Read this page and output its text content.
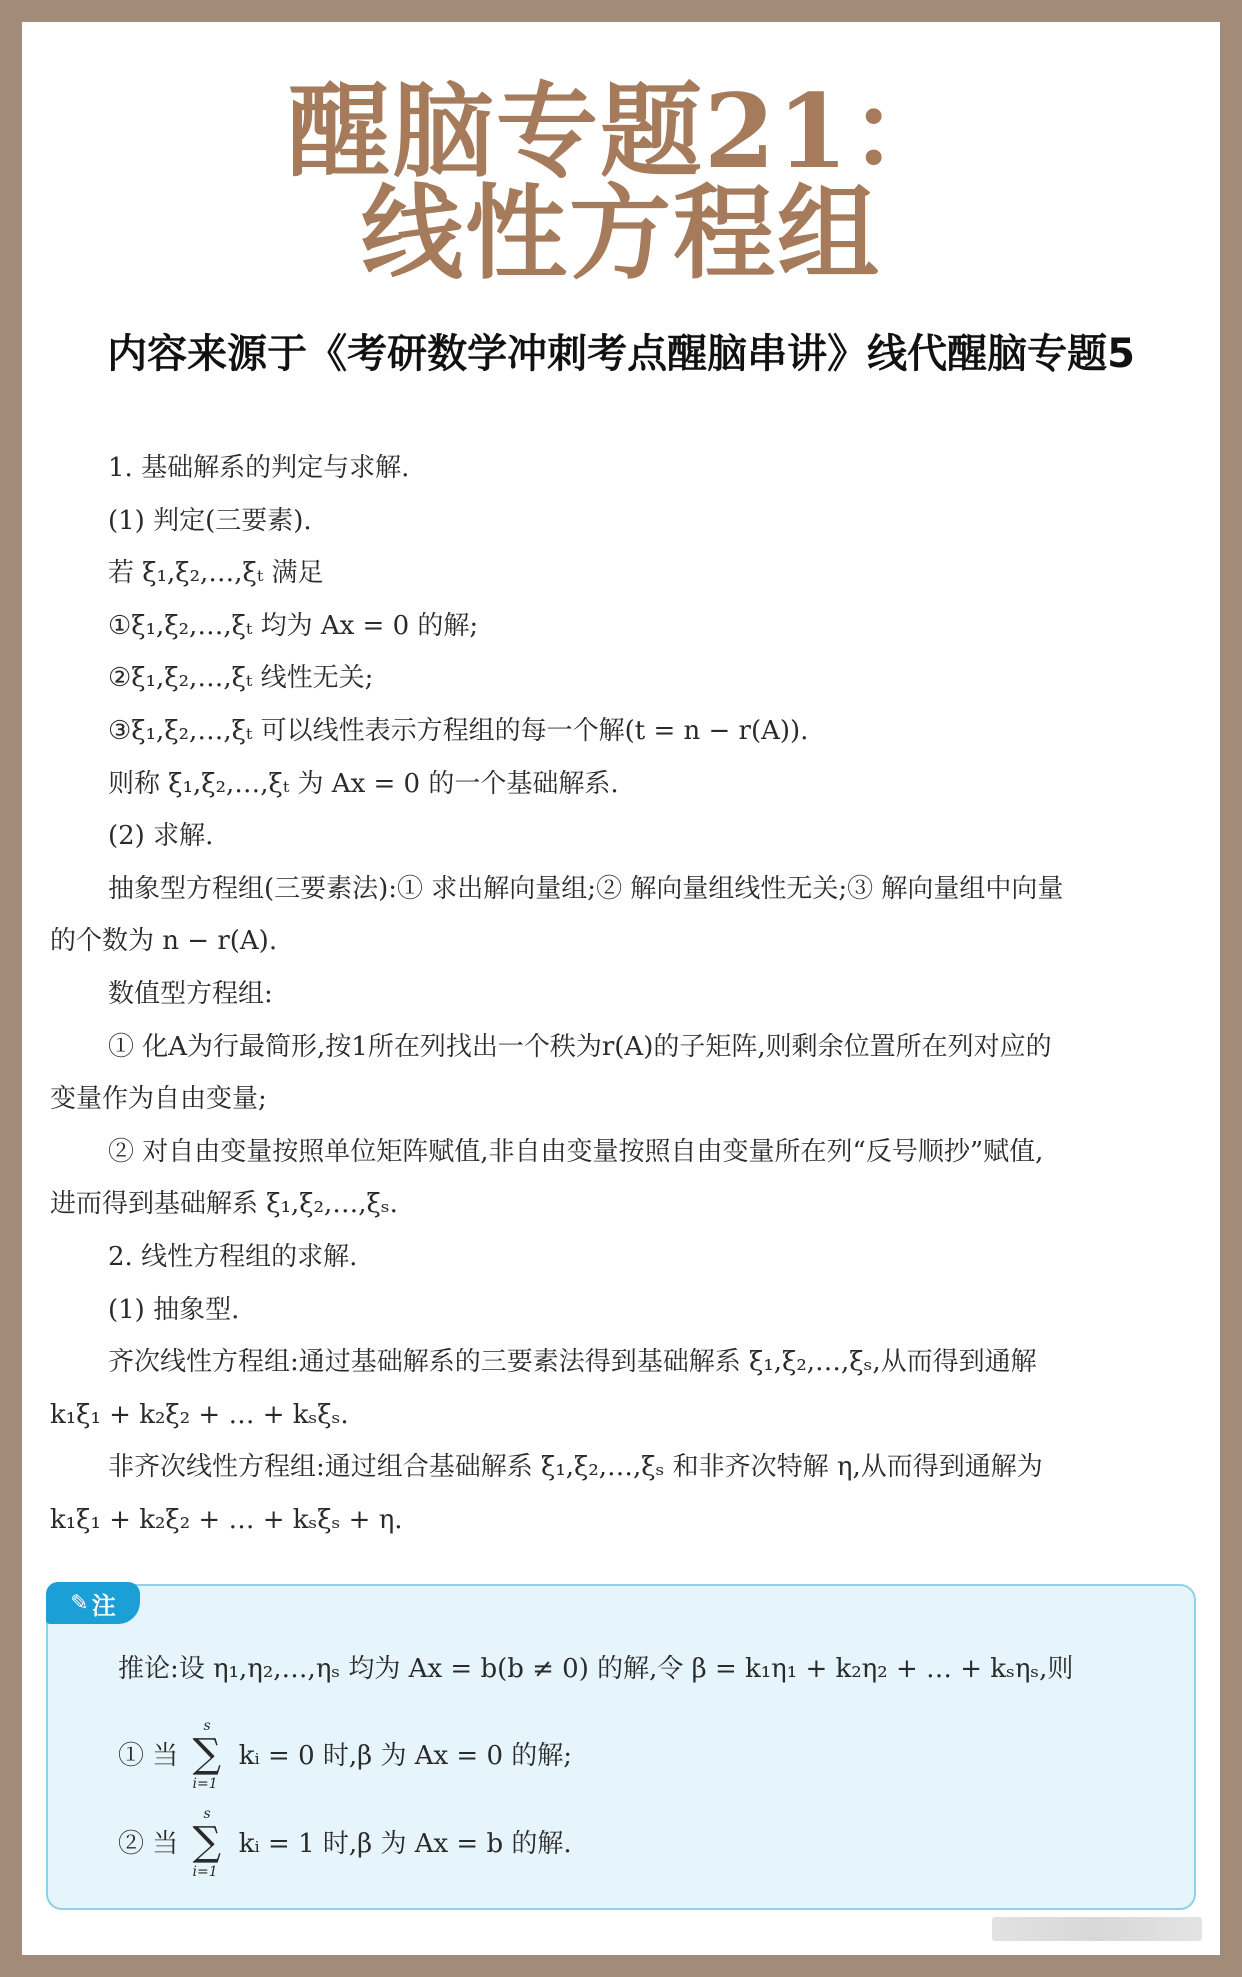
醒脑专题21：
线性方程组
内容来源于《考研数学冲刺考点醒脑串讲》线代醒脑专题5
1. 基础解系的判定与求解.
(1) 判定(三要素).
若 ξ₁,ξ₂,…,ξₜ 满足
①ξ₁,ξ₂,…,ξₜ 均为 Ax = 0 的解;
②ξ₁,ξ₂,…,ξₜ 线性无关;
③ξ₁,ξ₂,…,ξₜ 可以线性表示方程组的每一个解(t = n − r(A)).
则称 ξ₁,ξ₂,…,ξₜ 为 Ax = 0 的一个基础解系.
(2) 求解.
抽象型方程组(三要素法):① 求出解向量组;② 解向量组线性无关;③ 解向量组中向量
的个数为 n − r(A).
数值型方程组:
① 化A为行最简形,按1所在列找出一个秩为r(A)的子矩阵,则剩余位置所在列对应的
变量作为自由变量;
② 对自由变量按照单位矩阵赋值,非自由变量按照自由变量所在列“反号顺抄”赋值,
进而得到基础解系 ξ₁,ξ₂,…,ξₛ.
2. 线性方程组的求解.
(1) 抽象型.
齐次线性方程组:通过基础解系的三要素法得到基础解系 ξ₁,ξ₂,…,ξₛ,从而得到通解
k₁ξ₁ + k₂ξ₂ + … + kₛξₛ.
非齐次线性方程组:通过组合基础解系 ξ₁,ξ₂,…,ξₛ 和非齐次特解 η,从而得到通解为
k₁ξ₁ + k₂ξ₂ + … + kₛξₛ + η.
✎ 注
推论:设 η₁,η₂,…,ηₛ 均为 Ax = b(b ≠ 0) 的解,令 β = k₁η₁ + k₂η₂ + … + kₛηₛ,则
① 当
s
∑
i=1
kᵢ = 0 时,β 为 Ax = 0 的解;
② 当
s
∑
i=1
kᵢ = 1 时,β 为 Ax = b 的解.
